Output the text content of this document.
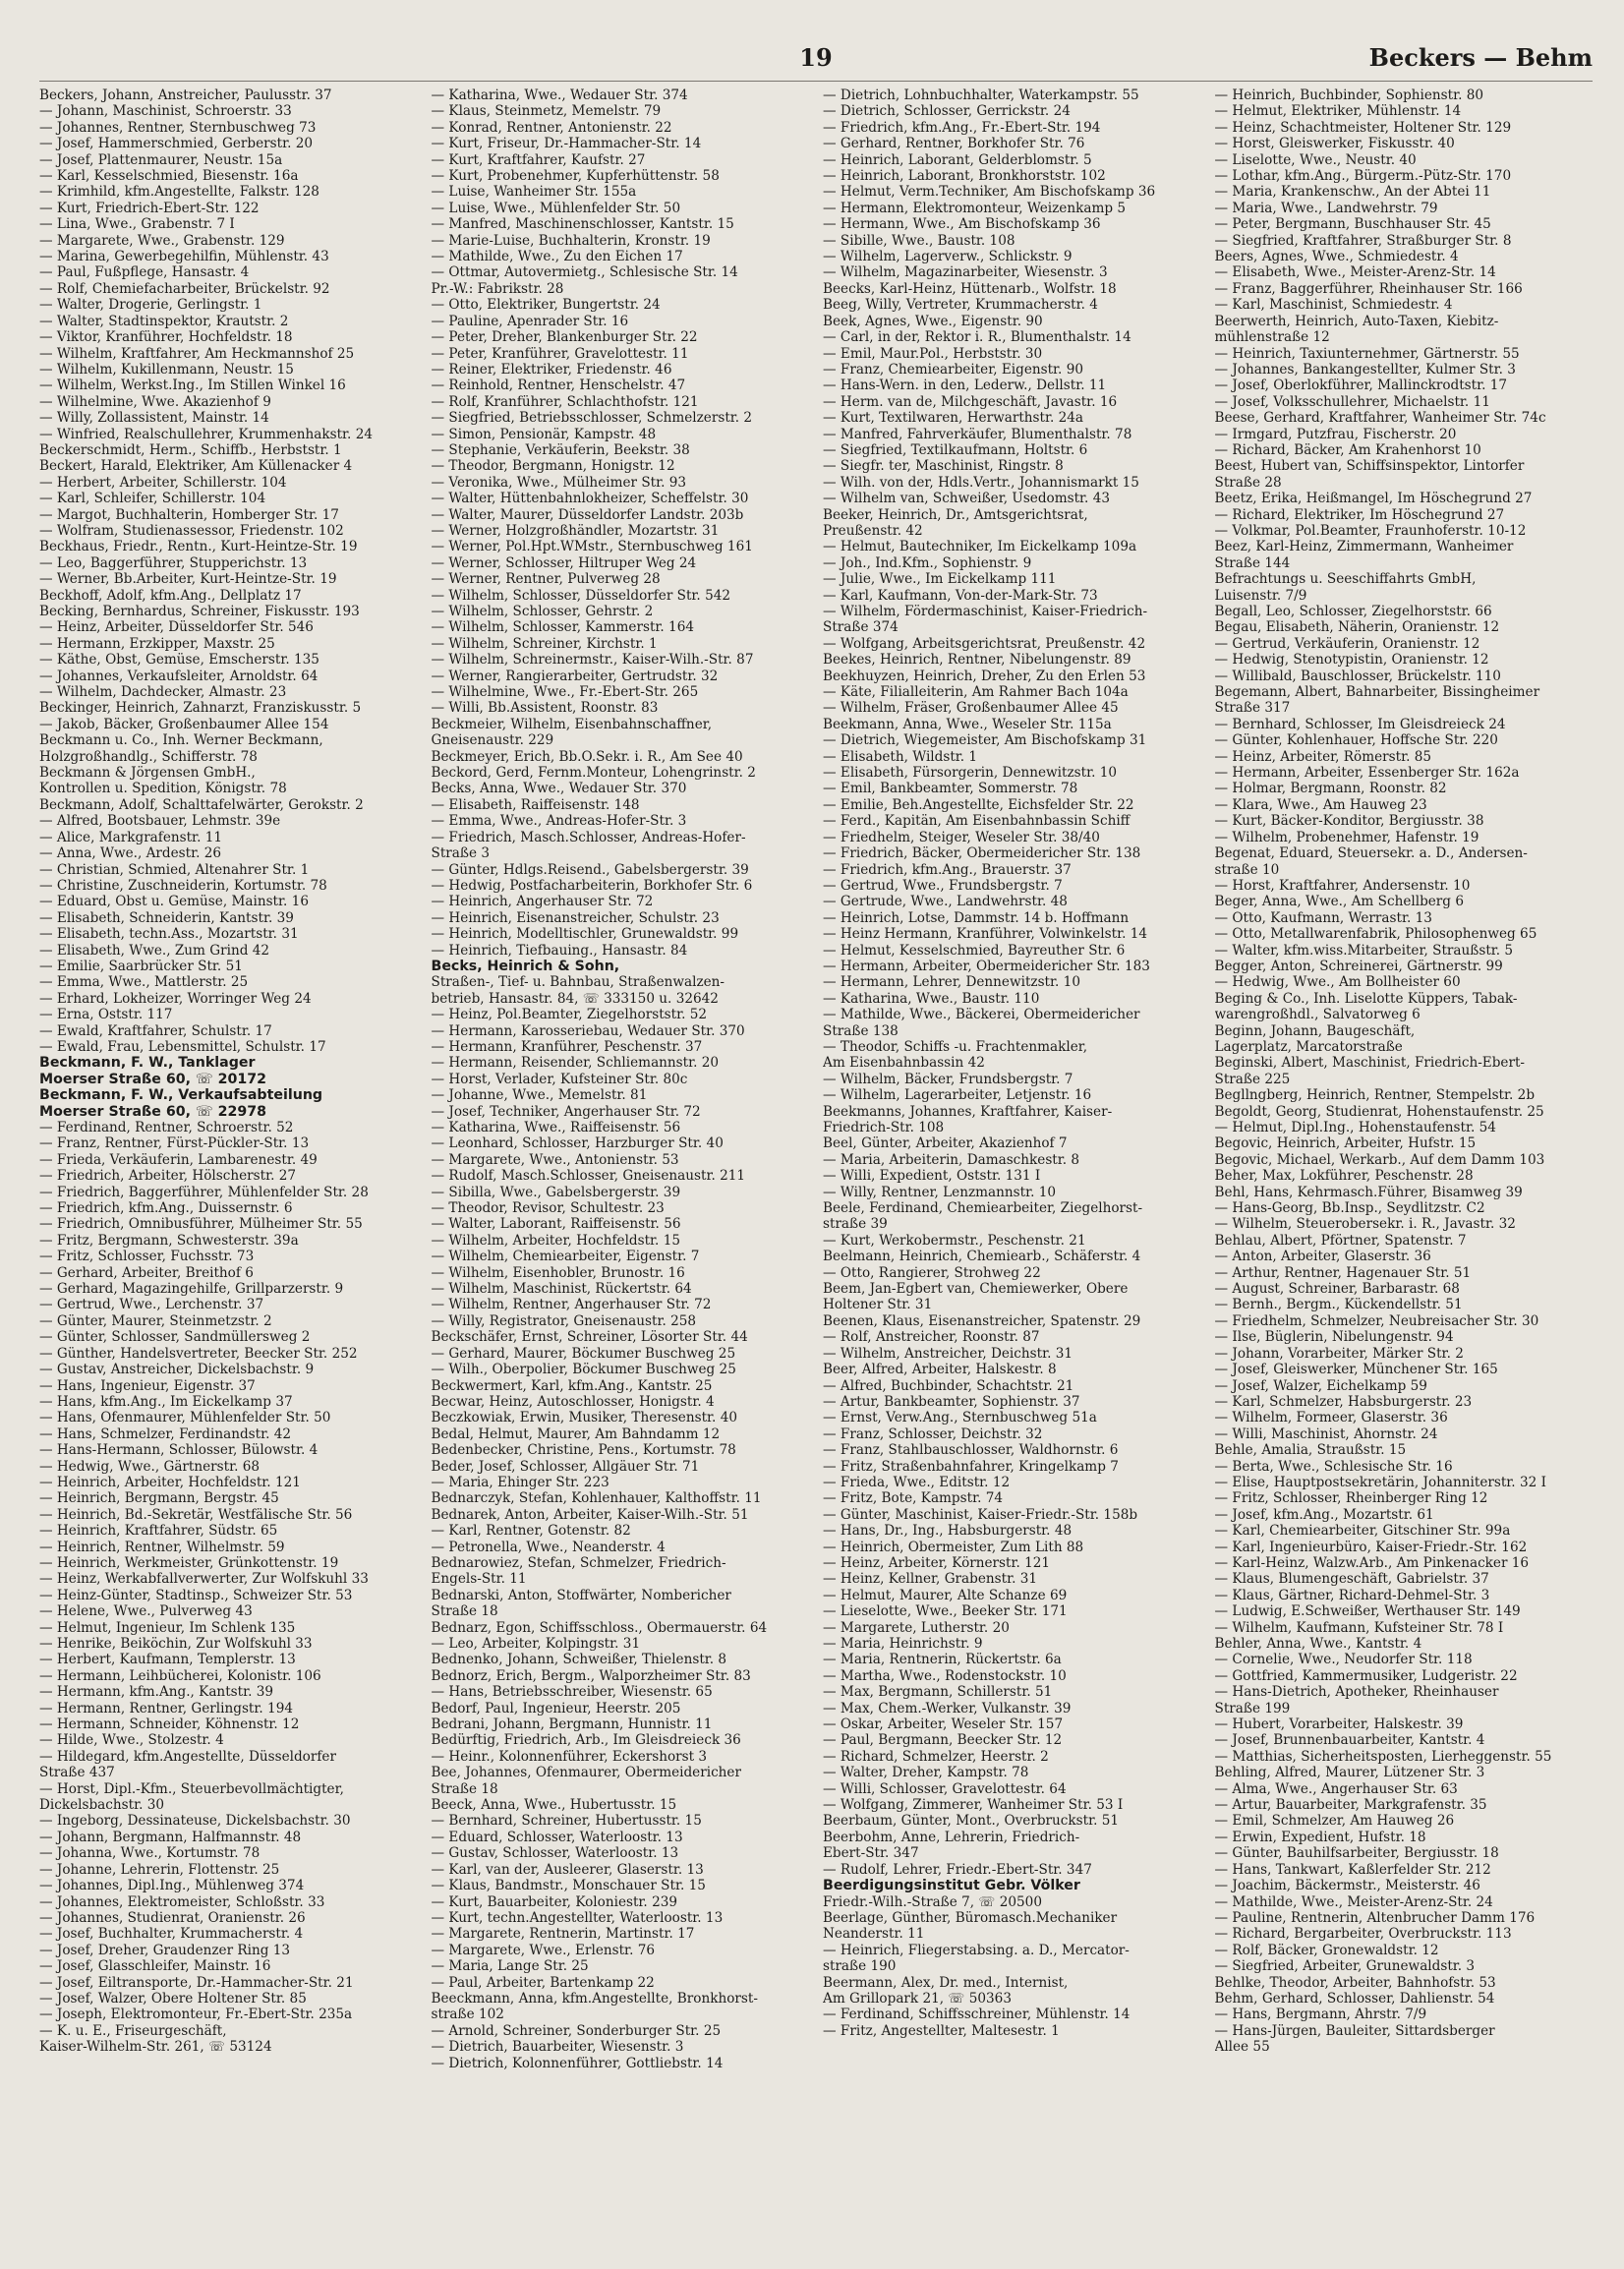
19	Beckers — Behm
Beckers, Johann, Anstreicher, Paulusstr. 37
— Johann, Maschinist, Schroerstr. 33
— Johannes, Rentner, Sternbuschweg 73
— Josef, Hammerschmied, Gerberstr. 20
— Josef, Plattenmaurer, Neustr. 15a
— Karl, Kesselschmied, Biesenstr. 16a
— Krimhild, kfm.Angestellte, Falkstr. 128
— Kurt, Friedrich-Ebert-Str. 122
— Lina, Wwe., Grabenstr. 7 I
— Margarete, Wwe., Grabenstr. 129
— Marina, Gewerbegehilfin, Mühlenstr. 43
— Paul, Fußpflege, Hansastr. 4
— Rolf, Chemiefacharbeiter, Brückelstr. 92
— Walter, Drogerie, Gerlingstr. 1
— Walter, Stadtinspektor, Krautstr. 2
— Viktor, Kranführer, Hochfeldstr. 18
— Wilhelm, Kraftfahrer, Am Heckmannshof 25
— Wilhelm, Kukillenmann, Neustr. 15
— Wilhelm, Werkst.Ing., Im Stillen Winkel 16
— Wilhelmine, Wwe. Akazienhof 9
— Willy, Zollassistent, Mainstr. 14
— Winfried, Realschullehrer, Krummenhakstr. 24
Beckerschmidt, Herm., Schiffb., Herbststr. 1
Beckert, Harald, Elektriker, Am Küllenacker 4
— Herbert, Arbeiter, Schillerstr. 104
— Karl, Schleifer, Schillerstr. 104
— Margot, Buchhalterin, Homberger Str. 17
— Wolfram, Studienassessor, Friedenstr. 102
Beckhaus, Friedr., Rentn., Kurt-Heintze-Str. 19
— Leo, Baggerführer, Stupperichstr. 13
— Werner, Bb.Arbeiter, Kurt-Heintze-Str. 19
Beckhoff, Adolf, kfm.Ang., Dellplatz 17
Becking, Bernhardus, Schreiner, Fiskusstr. 193
— Heinz, Arbeiter, Düsseldorfer Str. 546
— Hermann, Erzkipper, Maxstr. 25
— Käthe, Obst, Gemüse, Emscherstr. 135
— Johannes, Verkaufsleiter, Arnoldstr. 64
— Wilhelm, Dachdecker, Almastr. 23
Beckinger, Heinrich, Zahnarzt, Franziskusstr. 5
— Jakob, Bäcker, Großenbaumer Allee 154
Beckmann u. Co., Inh. Werner Beckmann,
Holzgroßhandlg., Schifferstr. 78
Beckmann & Jörgensen GmbH.,
Kontrollen u. Spedition, Königstr. 78
Beckmann, Adolf, Schalttafelwärter, Gerokstr. 2
— Alfred, Bootsbauer, Lehmstr. 39e
— Alice, Markgrafenstr. 11
— Anna, Wwe., Ardestr. 26
— Christian, Schmied, Altenahrer Str. 1
— Christine, Zuschneiderin, Kortumstr. 78
— Eduard, Obst u. Gemüse, Mainstr. 16
— Elisabeth, Schneiderin, Kantstr. 39
— Elisabeth, techn.Ass., Mozartstr. 31
— Elisabeth, Wwe., Zum Grind 42
— Emilie, Saarbrücker Str. 51
— Emma, Wwe., Mattlerstr. 25
— Erhard, Lokheizer, Worringer Weg 24
— Erna, Oststr. 117
— Ewald, Kraftfahrer, Schulstr. 17
— Ewald, Frau, Lebensmittel, Schulstr. 17
Beckmann, F. W., Tanklager
Moerser Straße 60, ☏ 20172
Beckmann, F. W., Verkaufsabteilung
Moerser Straße 60, ☏ 22978
— Ferdinand, Rentner, Schroerstr. 52
— Franz, Rentner, Fürst-Pückler-Str. 13
— Frieda, Verkäuferin, Lambarenestr. 49
— Friedrich, Arbeiter, Hölscherstr. 27
— Friedrich, Baggerführer, Mühlenfelder Str. 28
— Friedrich, kfm.Ang., Duissernstr. 6
— Friedrich, Omnibusführer, Mülheimer Str. 55
— Fritz, Bergmann, Schwesterstr. 39a
— Fritz, Schlosser, Fuchsstr. 73
— Gerhard, Arbeiter, Breithof 6
— Gerhard, Magazingehilfe, Grillparzerstr. 9
— Gertrud, Wwe., Lerchenstr. 37
— Günter, Maurer, Steinmetzstr. 2
— Günter, Schlosser, Sandmüllersweg 2
— Günther, Handelsvertreter, Beecker Str. 252
— Gustav, Anstreicher, Dickelsbachstr. 9
— Hans, Ingenieur, Eigenstr. 37
— Hans, kfm.Ang., Im Eickelkamp 37
— Hans, Ofenmaurer, Mühlenfelder Str. 50
— Hans, Schmelzer, Ferdinandstr. 42
— Hans-Hermann, Schlosser, Bülowstr. 4
— Hedwig, Wwe., Gärtnerstr. 68
— Heinrich, Arbeiter, Hochfeldstr. 121
— Heinrich, Bergmann, Bergstr. 45
— Heinrich, Bd.-Sekretär, Westfälische Str. 56
— Heinrich, Kraftfahrer, Südstr. 65
— Heinrich, Rentner, Wilhelmstr. 59
— Heinrich, Werkmeister, Grünkottenstr. 19
— Heinz, Werkabfallverwerter, Zur Wolfskuhl 33
— Heinz-Günter, Stadtinsp., Schweizer Str. 53
— Helene, Wwe., Pulverweg 43
— Helmut, Ingenieur, Im Schlenk 135
— Henrike, Beiköchin, Zur Wolfskuhl 33
— Herbert, Kaufmann, Templerstr. 13
— Hermann, Leihbücherei, Kolonistr. 106
— Hermann, kfm.Ang., Kantstr. 39
— Hermann, Rentner, Gerlingstr. 194
— Hermann, Schneider, Köhnenstr. 12
— Hilde, Wwe., Stolzestr. 4
— Hildegard, kfm.Angestellte, Düsseldorfer
Straße 437
— Horst, Dipl.-Kfm., Steuerbevollmächtigter,
Dickelsbachstr. 30
— Ingeborg, Dessinateuse, Dickelsbachstr. 30
— Johann, Bergmann, Halfmannstr. 48
— Johanna, Wwe., Kortumstr. 78
— Johanne, Lehrerin, Flottenstr. 25
— Johannes, Dipl.Ing., Mühlenweg 374
— Johannes, Elektromeister, Schloßstr. 33
— Johannes, Studienrat, Oranienstr. 26
— Josef, Buchhalter, Krummacherstr. 4
— Josef, Dreher, Graudenzer Ring 13
— Josef, Glasschleifer, Mainstr. 16
— Josef, Eiltransporte, Dr.-Hammacher-Str. 21
— Josef, Walzer, Obere Holtener Str. 85
— Joseph, Elektromonteur, Fr.-Ebert-Str. 235a
— K. u. E., Friseurgeschäft,
Kaiser-Wilhelm-Str. 261, ☏ 53124
— Katharina, Wwe., Wedauer Str. 374
— Klaus, Steinmetz, Memelstr. 79
— Konrad, Rentner, Antonienstr. 22
— Kurt, Friseur, Dr.-Hammacher-Str. 14
— Kurt, Kraftfahrer, Kaufstr. 27
— Kurt, Probenehmer, Kupferhüttenstr. 58
— Luise, Wanheimer Str. 155a
— Luise, Wwe., Mühlenfelder Str. 50
— Manfred, Maschinenschlosser, Kantstr. 15
— Marie-Luise, Buchhalterin, Kronstr. 19
— Mathilde, Wwe., Zu den Eichen 17
— Ottmar, Autovermietg., Schlesische Str. 14
Pr.-W.: Fabrikstr. 28
— Otto, Elektriker, Bungertstr. 24
— Pauline, Apenrader Str. 16
— Peter, Dreher, Blankenburger Str. 22
— Peter, Kranführer, Gravelottestr. 11
— Reiner, Elektriker, Friedenstr. 46
— Reinhold, Rentner, Henschelstr. 47
— Rolf, Kranführer, Schlachthofstr. 121
— Siegfried, Betriebsschlosser, Schmelzerstr. 2
— Simon, Pensionär, Kampstr. 48
— Stephanie, Verkäuferin, Beekstr. 38
— Theodor, Bergmann, Honigstr. 12
— Veronika, Wwe., Mülheimer Str. 93
— Walter, Hüttenbahnlokheizer, Scheffelstr. 30
— Walter, Maurer, Düsseldorfer Landstr. 203b
— Werner, Holzgroßhändler, Mozartstr. 31
— Werner, Pol.Hpt.WMstr., Sternbuschweg 161
— Werner, Schlosser, Hiltruper Weg 24
— Werner, Rentner, Pulverweg 28
— Wilhelm, Schlosser, Düsseldorfer Str. 542
— Wilhelm, Schlosser, Gehrstr. 2
— Wilhelm, Schlosser, Kammerstr. 164
— Wilhelm, Schreiner, Kirchstr. 1
— Wilhelm, Schreinermstr., Kaiser-Wilh.-Str. 87
— Werner, Rangierarbeiter, Gertrudstr. 32
— Wilhelmine, Wwe., Fr.-Ebert-Str. 265
— Willi, Bb.Assistent, Roonstr. 83
Beckmeier, Wilhelm, Eisenbahnschaffner,
Gneisenaustr. 229
Beckmeyer, Erich, Bb.O.Sekr. i. R., Am See 40
Beckord, Gerd, Fernm.Monteur, Lohengrinstr. 2
Becks, Anna, Wwe., Wedauer Str. 370
— Elisabeth, Raiffeisenstr. 148
— Emma, Wwe., Andreas-Hofer-Str. 3
— Friedrich, Masch.Schlosser, Andreas-Hofer-
Straße 3
— Günter, Hdlgs.Reisend., Gabelsbergerstr. 39
— Hedwig, Postfacharbeiterin, Borkhofer Str. 6
— Heinrich, Angerhauser Str. 72
— Heinrich, Eisenanstreicher, Schulstr. 23
— Heinrich, Modelltischler, Grunewaldstr. 99
— Heinrich, Tiefbauing., Hansastr. 84
Becks, Heinrich & Sohn,
Straßen-, Tief- u. Bahnbau, Straßenwalzen-
betrieb, Hansastr. 84, ☏ 333150 u. 32642
— Heinz, Pol.Beamter, Ziegelhorststr. 52
— Hermann, Karosseriebau, Wedauer Str. 370
— Hermann, Kranführer, Peschenstr. 37
— Hermann, Reisender, Schliemannstr. 20
— Horst, Verlader, Kufsteiner Str. 80c
— Johanne, Wwe., Memelstr. 81
— Josef, Techniker, Angerhauser Str. 72
— Katharina, Wwe., Raiffeisenstr. 56
— Leonhard, Schlosser, Harzburger Str. 40
— Margarete, Wwe., Antonienstr. 53
— Rudolf, Masch.Schlosser, Gneisenaustr. 211
— Sibilla, Wwe., Gabelsbergerstr. 39
— Theodor, Revisor, Schultestr. 23
— Walter, Laborant, Raiffeisenstr. 56
— Wilhelm, Arbeiter, Hochfeldstr. 15
— Wilhelm, Chemiearbeiter, Eigenstr. 7
— Wilhelm, Eisenhobler, Brunostr. 16
— Wilhelm, Maschinist, Rückertstr. 64
— Wilhelm, Rentner, Angerhauser Str. 72
— Willy, Registrator, Gneisenaustr. 258
Beckschäfer, Ernst, Schreiner, Lösorter Str. 44
— Gerhard, Maurer, Böckumer Buschweg 25
— Wilh., Oberpolier, Böckumer Buschweg 25
Beckwermert, Karl, kfm.Ang., Kantstr. 25
Becwar, Heinz, Autoschlosser, Honigstr. 4
Beczkowiak, Erwin, Musiker, Theresenstr. 40
Bedal, Helmut, Maurer, Am Bahndamm 12
Bedenbecker, Christine, Pens., Kortumstr. 78
Beder, Josef, Schlosser, Allgäuer Str. 71
— Maria, Ehinger Str. 223
Bednarczyk, Stefan, Kohlenhauer, Kalthoffstr. 11
Bednarek, Anton, Arbeiter, Kaiser-Wilh.-Str. 51
— Karl, Rentner, Gotenstr. 82
— Petronella, Wwe., Neanderstr. 4
Bednarowiez, Stefan, Schmelzer, Friedrich-
Engels-Str. 11
Bednarski, Anton, Stoffwärter, Nombericher
Straße 18
Bednarz, Egon, Schiffsschloss., Obermauerstr. 64
— Leo, Arbeiter, Kolpingstr. 31
Bednenko, Johann, Schweißer, Thielenstr. 8
Bednorz, Erich, Bergm., Walporzheimer Str. 83
— Hans, Betriebsschreiber, Wiesenstr. 65
Bedorf, Paul, Ingenieur, Heerstr. 205
Bedrani, Johann, Bergmann, Hunnistr. 11
Bedürftig, Friedrich, Arb., Im Gleisdreieck 36
— Heinr., Kolonnenführer, Eckershorst 3
Bee, Johannes, Ofenmaurer, Obermeidericher
Straße 18
Beeck, Anna, Wwe., Hubertusstr. 15
— Bernhard, Schreiner, Hubertusstr. 15
— Eduard, Schlosser, Waterloostr. 13
— Gustav, Schlosser, Waterloostr. 13
— Karl, van der, Ausleerer, Glaserstr. 13
— Klaus, Bandmstr., Monschauer Str. 15
— Kurt, Bauarbeiter, Koloniestr. 239
— Kurt, techn.Angestellter, Waterloostr. 13
— Margarete, Rentnerin, Martinstr. 17
— Margarete, Wwe., Erlenstr. 76
— Maria, Lange Str. 25
— Paul, Arbeiter, Bartenkamp 22
Beeckmann, Anna, kfm.Angestellte, Bronkhorst-
straße 102
— Arnold, Schreiner, Sonderburger Str. 25
— Dietrich, Bauarbeiter, Wiesenstr. 3
— Dietrich, Kolonnenführer, Gottliebstr. 14
— Dietrich, Lohnbuchhalter, Waterkampstr. 55
— Dietrich, Schlosser, Gerrickstr. 24
— Friedrich, kfm.Ang., Fr.-Ebert-Str. 194
— Gerhard, Rentner, Borkhofer Str. 76
— Heinrich, Laborant, Gelderblomstr. 5
— Heinrich, Laborant, Bronkhorststr. 102
— Helmut, Verm.Techniker, Am Bischofskamp 36
— Hermann, Elektromonteur, Weizenkamp 5
— Hermann, Wwe., Am Bischofskamp 36
— Sibille, Wwe., Baustr. 108
— Wilhelm, Lagerverw., Schlickstr. 9
— Wilhelm, Magazinarbeiter, Wiesenstr. 3
Beecks, Karl-Heinz, Hüttenarb., Wolfstr. 18
Beeg, Willy, Vertreter, Krummacherstr. 4
Beek, Agnes, Wwe., Eigenstr. 90
— Carl, in der, Rektor i. R., Blumenthalstr. 14
— Emil, Maur.Pol., Herbststr. 30
— Franz, Chemiearbeiter, Eigenstr. 90
— Hans-Wern. in den, Lederw., Dellstr. 11
— Herm. van de, Milchgeschäft, Javastr. 16
— Kurt, Textilwaren, Herwarthstr. 24a
— Manfred, Fahrverkäufer, Blumenthalstr. 78
— Siegfried, Textilkaufmann, Holtstr. 6
— Siegfr. ter, Maschinist, Ringstr. 8
— Wilh. von der, Hdls.Vertr., Johannismarkt 15
— Wilhelm van, Schweißer, Usedomstr. 43
Beeker, Heinrich, Dr., Amtsgerichtsrat,
Preußenstr. 42
— Helmut, Bautechniker, Im Eickelkamp 109a
— Joh., Ind.Kfm., Sophienstr. 9
— Julie, Wwe., Im Eickelkamp 111
— Karl, Kaufmann, Von-der-Mark-Str. 73
— Wilhelm, Fördermaschinist, Kaiser-Friedrich-
Straße 374
— Wolfgang, Arbeitsgerichtsrat, Preußenstr. 42
Beekes, Heinrich, Rentner, Nibelungenstr. 89
Beekhuyzen, Heinrich, Dreher, Zu den Erlen 53
— Käte, Filialleiterin, Am Rahmer Bach 104a
— Wilhelm, Fräser, Großenbaumer Allee 45
Beekmann, Anna, Wwe., Weseler Str. 115a
— Dietrich, Wiegemeister, Am Bischofskamp 31
— Elisabeth, Wildstr. 1
— Elisabeth, Fürsorgerin, Dennewitzstr. 10
— Emil, Bankbeamter, Sommerstr. 78
— Emilie, Beh.Angestellte, Eichsfelder Str. 22
— Ferd., Kapitän, Am Eisenbahnbassin Schiff
— Friedhelm, Steiger, Weseler Str. 38/40
— Friedrich, Bäcker, Obermeidericher Str. 138
— Friedrich, kfm.Ang., Brauerstr. 37
— Gertrud, Wwe., Frundsbergstr. 7
— Gertrude, Wwe., Landwehrstr. 48
— Heinrich, Lotse, Dammstr. 14 b. Hoffmann
— Heinz Hermann, Kranführer, Volwinkelstr. 14
— Helmut, Kesselschmied, Bayreuther Str. 6
— Hermann, Arbeiter, Obermeidericher Str. 183
— Hermann, Lehrer, Dennewitzstr. 10
— Katharina, Wwe., Baustr. 110
— Mathilde, Wwe., Bäckerei, Obermeidericher
Straße 138
— Theodor, Schiffs -u. Frachtenmakler,
Am Eisenbahnbassin 42
— Wilhelm, Bäcker, Frundsbergstr. 7
— Wilhelm, Lagerarbeiter, Letjenstr. 16
Beekmanns, Johannes, Kraftfahrer, Kaiser-
Friedrich-Str. 108
Beel, Günter, Arbeiter, Akazienhof 7
— Maria, Arbeiterin, Damaschkestr. 8
— Willi, Expedient, Oststr. 131 I
— Willy, Rentner, Lenzmannstr. 10
Beele, Ferdinand, Chemiearbeiter, Ziegelhorst-
straße 39
— Kurt, Werkobermstr., Peschenstr. 21
Beelmann, Heinrich, Chemiearb., Schäferstr. 4
— Otto, Rangierer, Strohweg 22
Beem, Jan-Egbert van, Chemiewerker, Obere
Holtener Str. 31
Beenen, Klaus, Eisenanstreicher, Spatenstr. 29
— Rolf, Anstreicher, Roonstr. 87
— Wilhelm, Anstreicher, Deichstr. 31
Beer, Alfred, Arbeiter, Halskestr. 8
— Alfred, Buchbinder, Schachtstr. 21
— Artur, Bankbeamter, Sophienstr. 37
— Ernst, Verw.Ang., Sternbuschweg 51a
— Franz, Schlosser, Deichstr. 32
— Franz, Stahlbauschlosser, Waldhornstr. 6
— Fritz, Straßenbahnfahrer, Kringelkamp 7
— Frieda, Wwe., Editstr. 12
— Fritz, Bote, Kampstr. 74
— Günter, Maschinist, Kaiser-Friedr.-Str. 158b
— Hans, Dr., Ing., Habsburgerstr. 48
— Heinrich, Obermeister, Zum Lith 88
— Heinz, Arbeiter, Körnerstr. 121
— Heinz, Kellner, Grabenstr. 31
— Helmut, Maurer, Alte Schanze 69
— Lieselotte, Wwe., Beeker Str. 171
— Margarete, Lutherstr. 20
— Maria, Heinrichstr. 9
— Maria, Rentnerin, Rückertstr. 6a
— Martha, Wwe., Rodenstockstr. 10
— Max, Bergmann, Schillerstr. 51
— Max, Chem.-Werker, Vulkanstr. 39
— Oskar, Arbeiter, Weseler Str. 157
— Paul, Bergmann, Beecker Str. 12
— Richard, Schmelzer, Heerstr. 2
— Walter, Dreher, Kampstr. 78
— Willi, Schlosser, Gravelottestr. 64
— Wolfgang, Zimmerer, Wanheimer Str. 53 I
Beerbaum, Günter, Mont., Overbruckstr. 51
Beerbohm, Anne, Lehrerin, Friedrich-
Ebert-Str. 347
— Rudolf, Lehrer, Friedr.-Ebert-Str. 347
Beerdigungsinstitut Gebr. Völker
Friedr.-Wilh.-Straße 7, ☏ 20500
Beerlage, Günther, Büromasch.Mechaniker
Neanderstr. 11
— Heinrich, Fliegerstabsing. a. D., Mercator-
straße 190
Beermann, Alex, Dr. med., Internist,
Am Grillopark 21, ☏ 50363
— Ferdinand, Schiffsschreiner, Mühlenstr. 14
— Fritz, Angestellter, Maltesestr. 1
— Heinrich, Buchbinder, Sophienstr. 80
— Helmut, Elektriker, Mühlenstr. 14
— Heinz, Schachtmeister, Holtener Str. 129
— Horst, Gleiswerker, Fiskusstr. 40
— Liselotte, Wwe., Neustr. 40
— Lothar, kfm.Ang., Bürgerm.-Pütz-Str. 170
— Maria, Krankenschw., An der Abtei 11
— Maria, Wwe., Landwehrstr. 79
— Peter, Bergmann, Buschhauser Str. 45
— Siegfried, Kraftfahrer, Straßburger Str. 8
Beers, Agnes, Wwe., Schmiedestr. 4
— Elisabeth, Wwe., Meister-Arenz-Str. 14
— Franz, Baggerführer, Rheinhauser Str. 166
— Karl, Maschinist, Schmiedestr. 4
Beerwerth, Heinrich, Auto-Taxen, Kiebitz-
mühlenstraße 12
— Heinrich, Taxiunternehmer, Gärtnerstr. 55
— Johannes, Bankangestellter, Kulmer Str. 3
— Josef, Oberlokführer, Mallinckrodtstr. 17
— Josef, Volksschullehrer, Michaelstr. 11
Beese, Gerhard, Kraftfahrer, Wanheimer Str. 74c
— Irmgard, Putzfrau, Fischerstr. 20
— Richard, Bäcker, Am Krahenhorst 10
Beest, Hubert van, Schiffsinspektor, Lintorfer
Straße 28
Beetz, Erika, Heißmangel, Im Höschegrund 27
— Richard, Elektriker, Im Höschegrund 27
— Volkmar, Pol.Beamter, Fraunhoferstr. 10-12
Beez, Karl-Heinz, Zimmermann, Wanheimer
Straße 144
Befrachtungs u. Seeschiffahrts GmbH,
Luisenstr. 7/9
Begall, Leo, Schlosser, Ziegelhorststr. 66
Begau, Elisabeth, Näherin, Oranienstr. 12
— Gertrud, Verkäuferin, Oranienstr. 12
— Hedwig, Stenotypistin, Oranienstr. 12
— Willibald, Bauschlosser, Brückelstr. 110
Begemann, Albert, Bahnarbeiter, Bissingheimer
Straße 317
— Bernhard, Schlosser, Im Gleisdreieck 24
— Günter, Kohlenhauer, Hoffsche Str. 220
— Heinz, Arbeiter, Römerstr. 85
— Hermann, Arbeiter, Essenberger Str. 162a
— Holmar, Bergmann, Roonstr. 82
— Klara, Wwe., Am Hauweg 23
— Kurt, Bäcker-Konditor, Bergiusstr. 38
— Wilhelm, Probenehmer, Hafenstr. 19
Begenat, Eduard, Steuersekr. a. D., Andersen-
straße 10
— Horst, Kraftfahrer, Andersenstr. 10
Beger, Anna, Wwe., Am Schellberg 6
— Otto, Kaufmann, Werrastr. 13
— Otto, Metallwarenfabrik, Philosophenweg 65
— Walter, kfm.wiss.Mitarbeiter, Straußstr. 5
Begger, Anton, Schreinerei, Gärtnerstr. 99
— Hedwig, Wwe., Am Bollheister 60
Beging & Co., Inh. Liselotte Küppers, Tabak-
warengroßhdl., Salvatorweg 6
Beginn, Johann, Baugeschäft,
Lagerplatz, Marcatorstraße
Beginski, Albert, Maschinist, Friedrich-Ebert-
Straße 225
Begllngberg, Heinrich, Rentner, Stempelstr. 2b
Begoldt, Georg, Studienrat, Hohenstaufenstr. 25
— Helmut, Dipl.Ing., Hohenstaufenstr. 54
Begovic, Heinrich, Arbeiter, Hufstr. 15
Begovic, Michael, Werkarb., Auf dem Damm 103
Beher, Max, Lokführer, Peschenstr. 28
Behl, Hans, Kehrmasch.Führer, Bisamweg 39
— Hans-Georg, Bb.Insp., Seydlitzstr. C2
— Wilhelm, Steuerobersekr. i. R., Javastr. 32
Behlau, Albert, Pförtner, Spatenstr. 7
— Anton, Arbeiter, Glaserstr. 36
— Arthur, Rentner, Hagenauer Str. 51
— August, Schreiner, Barbarastr. 68
— Bernh., Bergm., Kückendellstr. 51
— Friedhelm, Schmelzer, Neubreisacher Str. 30
— Ilse, Büglerin, Nibelungenstr. 94
— Johann, Vorarbeiter, Märker Str. 2
— Josef, Gleiswerker, Münchener Str. 165
— Josef, Walzer, Eichelkamp 59
— Karl, Schmelzer, Habsburgerstr. 23
— Wilhelm, Formeer, Glaserstr. 36
— Willi, Maschinist, Ahornstr. 24
Behle, Amalia, Straußstr. 15
— Berta, Wwe., Schlesische Str. 16
— Elise, Hauptpostsekretärin, Johanniterstr. 32 I
— Fritz, Schlosser, Rheinberger Ring 12
— Josef, kfm.Ang., Mozartstr. 61
— Karl, Chemiearbeiter, Gitschiner Str. 99a
— Karl, Ingenieurbüro, Kaiser-Friedr.-Str. 162
— Karl-Heinz, Walzw.Arb., Am Pinkenacker 16
— Klaus, Blumengeschäft, Gabrielstr. 37
— Klaus, Gärtner, Richard-Dehmel-Str. 3
— Ludwig, E.Schweißer, Werthauser Str. 149
— Wilhelm, Kaufmann, Kufsteiner Str. 78 I
Behler, Anna, Wwe., Kantstr. 4
— Cornelie, Wwe., Neudorfer Str. 118
— Gottfried, Kammermusiker, Ludgeristr. 22
— Hans-Dietrich, Apotheker, Rheinhauser
Straße 199
— Hubert, Vorarbeiter, Halskestr. 39
— Josef, Brunnenbauarbeiter, Kantstr. 4
— Matthias, Sicherheitsposten, Lierheggenstr. 55
Behling, Alfred, Maurer, Lützener Str. 3
— Alma, Wwe., Angerhauser Str. 63
— Artur, Bauarbeiter, Markgrafenstr. 35
— Emil, Schmelzer, Am Hauweg 26
— Erwin, Expedient, Hufstr. 18
— Günter, Bauhilfsarbeiter, Bergiusstr. 18
— Hans, Tankwart, Kaßlerfelder Str. 212
— Joachim, Bäckermstr., Meisterstr. 46
— Mathilde, Wwe., Meister-Arenz-Str. 24
— Pauline, Rentnerin, Altenbrucher Damm 176
— Richard, Bergarbeiter, Overbruckstr. 113
— Rolf, Bäcker, Gronewaldstr. 12
— Siegfried, Arbeiter, Grunewaldstr. 3
Behlke, Theodor, Arbeiter, Bahnhofstr. 53
Behm, Gerhard, Schlosser, Dahlienstr. 54
— Hans, Bergmann, Ahrstr. 7/9
— Hans-Jürgen, Bauleiter, Sittardsberger
Allee 55
